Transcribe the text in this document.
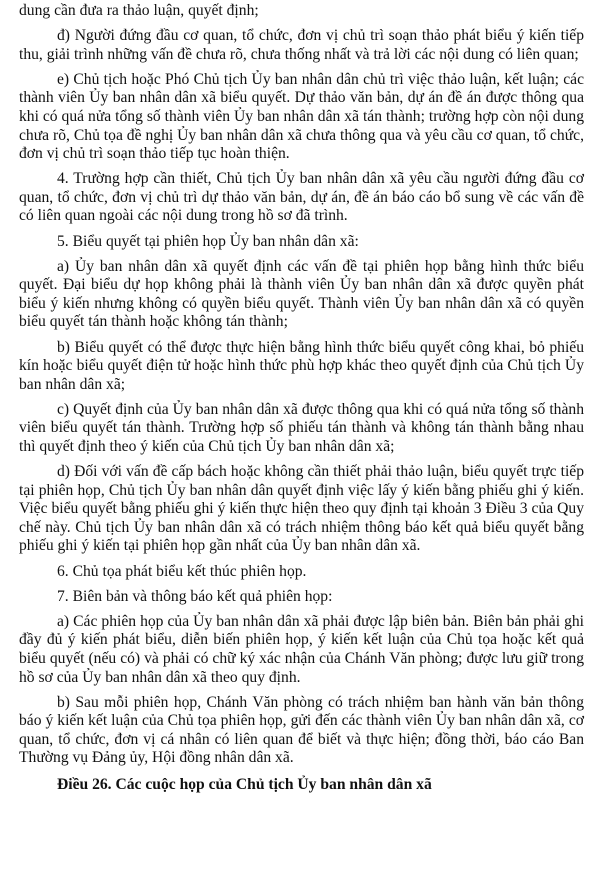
dung cần đưa ra thảo luận, quyết định;

đ) Người đứng đầu cơ quan, tổ chức, đơn vị chủ trì soạn thảo phát biểu ý kiến tiếp thu, giải trình những vấn đề chưa rõ, chưa thống nhất và trả lời các nội dung có liên quan;

e) Chủ tịch hoặc Phó Chủ tịch Ủy ban nhân dân chủ trì việc thảo luận, kết luận; các thành viên Ủy ban nhân dân xã biểu quyết. Dự thảo văn bản, dự án đề án được thông qua khi có quá nửa tổng số thành viên Ủy ban nhân dân xã tán thành; trường hợp còn nội dung chưa rõ, Chủ tọa đề nghị Ủy ban nhân dân xã chưa thông qua và yêu cầu cơ quan, tổ chức, đơn vị chủ trì soạn thảo tiếp tục hoàn thiện.

4. Trường hợp cần thiết, Chủ tịch Ủy ban nhân dân xã yêu cầu người đứng đầu cơ quan, tổ chức, đơn vị chủ trì dự thảo văn bản, dự án, đề án báo cáo bổ sung về các vấn đề có liên quan ngoài các nội dung trong hồ sơ đã trình.

5. Biểu quyết tại phiên họp Ủy ban nhân dân xã:

a) Ủy ban nhân dân xã quyết định các vấn đề tại phiên họp bằng hình thức biểu quyết. Đại biểu dự họp không phải là thành viên Ủy ban nhân dân xã được quyền phát biểu ý kiến nhưng không có quyền biểu quyết. Thành viên Ủy ban nhân dân xã có quyền biểu quyết tán thành hoặc không tán thành;

b) Biểu quyết có thể được thực hiện bằng hình thức biểu quyết công khai, bỏ phiếu kín hoặc biểu quyết điện tử hoặc hình thức phù hợp khác theo quyết định của Chủ tịch Ủy ban nhân dân xã;

c) Quyết định của Ủy ban nhân dân xã được thông qua khi có quá nửa tổng số thành viên biểu quyết tán thành. Trường hợp số phiếu tán thành và không tán thành bằng nhau thì quyết định theo ý kiến của Chủ tịch Ủy ban nhân dân xã;

d) Đối với vấn đề cấp bách hoặc không cần thiết phải thảo luận, biểu quyết trực tiếp tại phiên họp, Chủ tịch Ủy ban nhân dân quyết định việc lấy ý kiến bằng phiếu ghi ý kiến. Việc biểu quyết bằng phiếu ghi ý kiến thực hiện theo quy định tại khoản 3 Điều 3 của Quy chế này. Chủ tịch Ủy ban nhân dân xã có trách nhiệm thông báo kết quả biểu quyết bằng phiếu ghi ý kiến tại phiên họp gần nhất của Ủy ban nhân dân xã.

6. Chủ tọa phát biểu kết thúc phiên họp.

7. Biên bản và thông báo kết quả phiên họp:

a) Các phiên họp của Ủy ban nhân dân xã phải được lập biên bản. Biên bản phải ghi đầy đủ ý kiến phát biểu, diễn biến phiên họp, ý kiến kết luận của Chủ tọa hoặc kết quả biểu quyết (nếu có) và phải có chữ ký xác nhận của Chánh Văn phòng; được lưu giữ trong hồ sơ của Ủy ban nhân dân xã theo quy định.

b) Sau mỗi phiên họp, Chánh Văn phòng có trách nhiệm ban hành văn bản thông báo ý kiến kết luận của Chủ tọa phiên họp, gửi đến các thành viên Ủy ban nhân dân xã, cơ quan, tổ chức, đơn vị cá nhân có liên quan để biết và thực hiện; đồng thời, báo cáo Ban Thường vụ Đảng ủy, Hội đồng nhân dân xã.

Điều 26. Các cuộc họp của Chủ tịch Ủy ban nhân dân xã
